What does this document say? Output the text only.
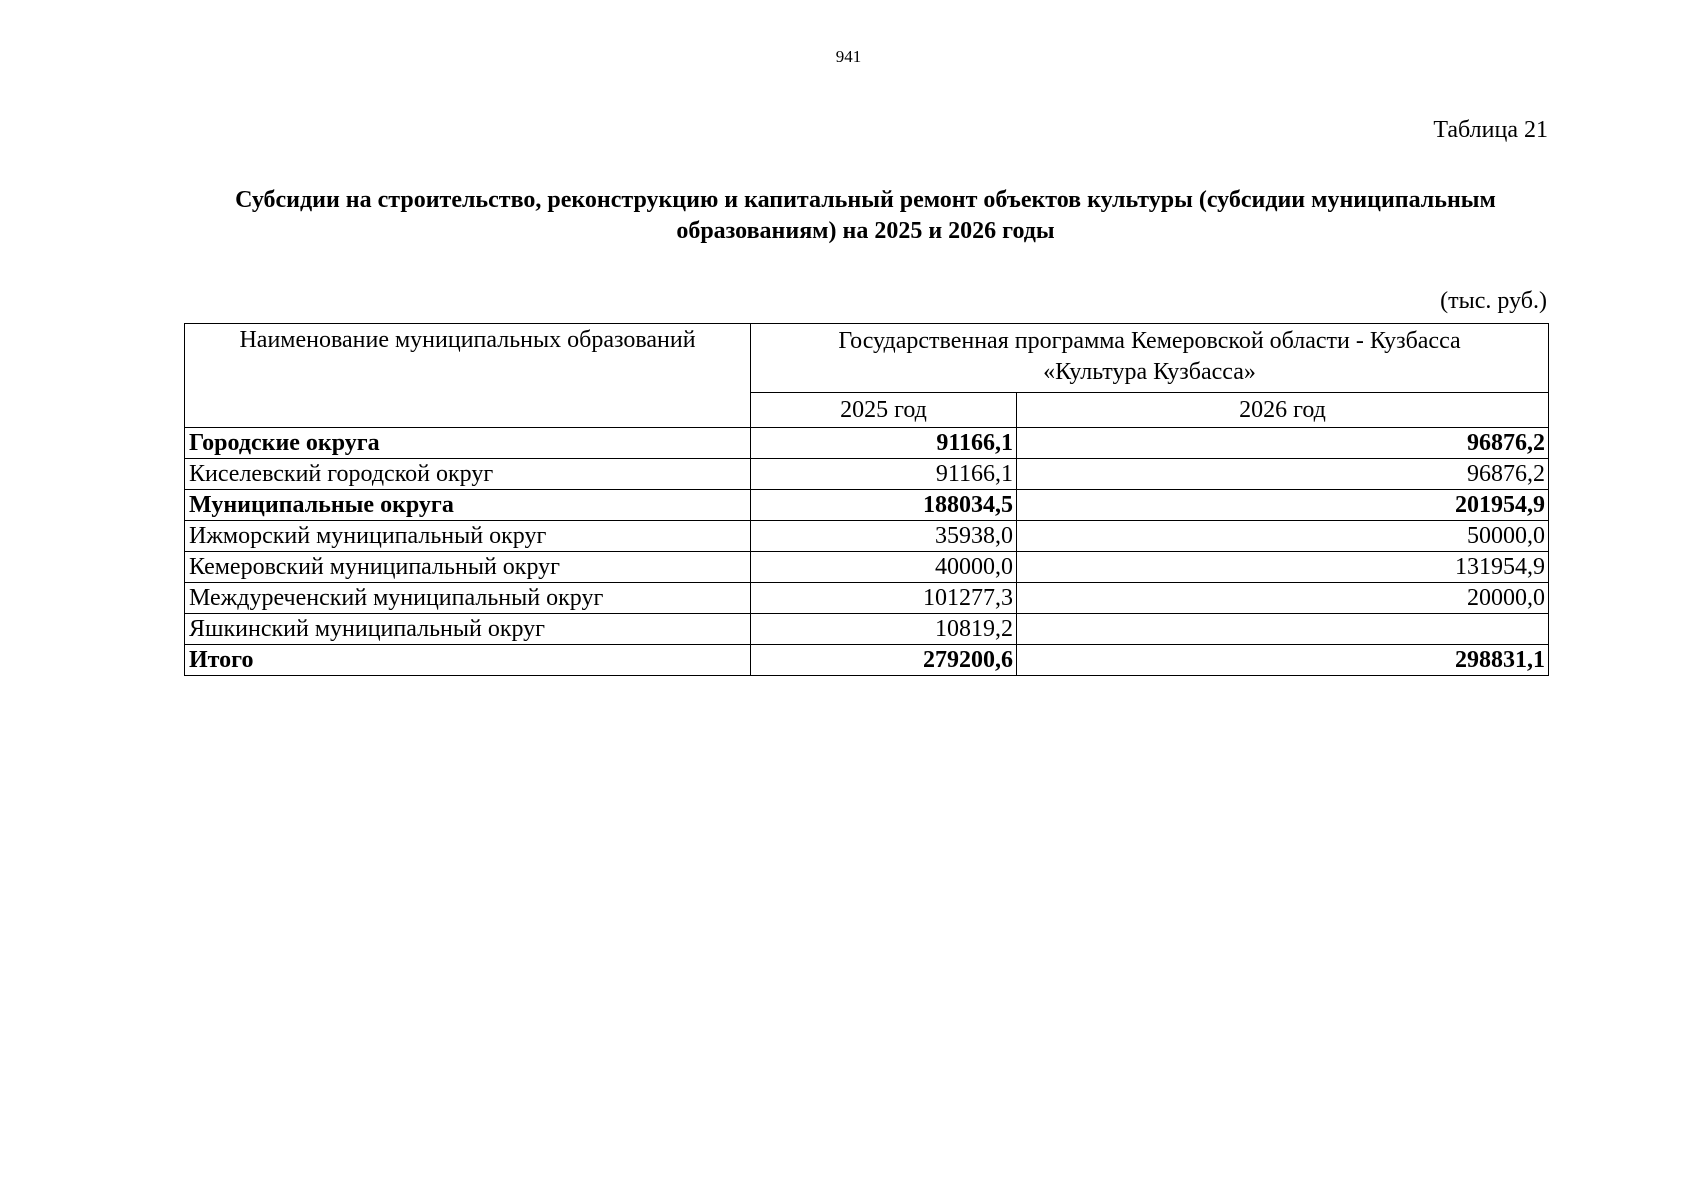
941
Таблица 21
Субсидии на строительство, реконструкцию и капитальный ремонт объектов культуры (субсидии муниципальным образованиям) на 2025 и 2026 годы
(тыс. руб.)
Наименование муниципальных образований	Государственная программа Кемеровской области - Кузбасса
«Культура Кузбасса»	

	2025 год	2026 год
Городские округа	91166,1	96876,2
Киселевский городской округ	91166,1	96876,2
Муниципальные округа	188034,5	201954,9
Ижморский муниципальный округ	35938,0	50000,0
Кемеровский муниципальный округ	40000,0	131954,9
Междуреченский муниципальный округ	101277,3	20000,0
Яшкинский муниципальный округ	10819,2	
Итого	279200,6	298831,1
